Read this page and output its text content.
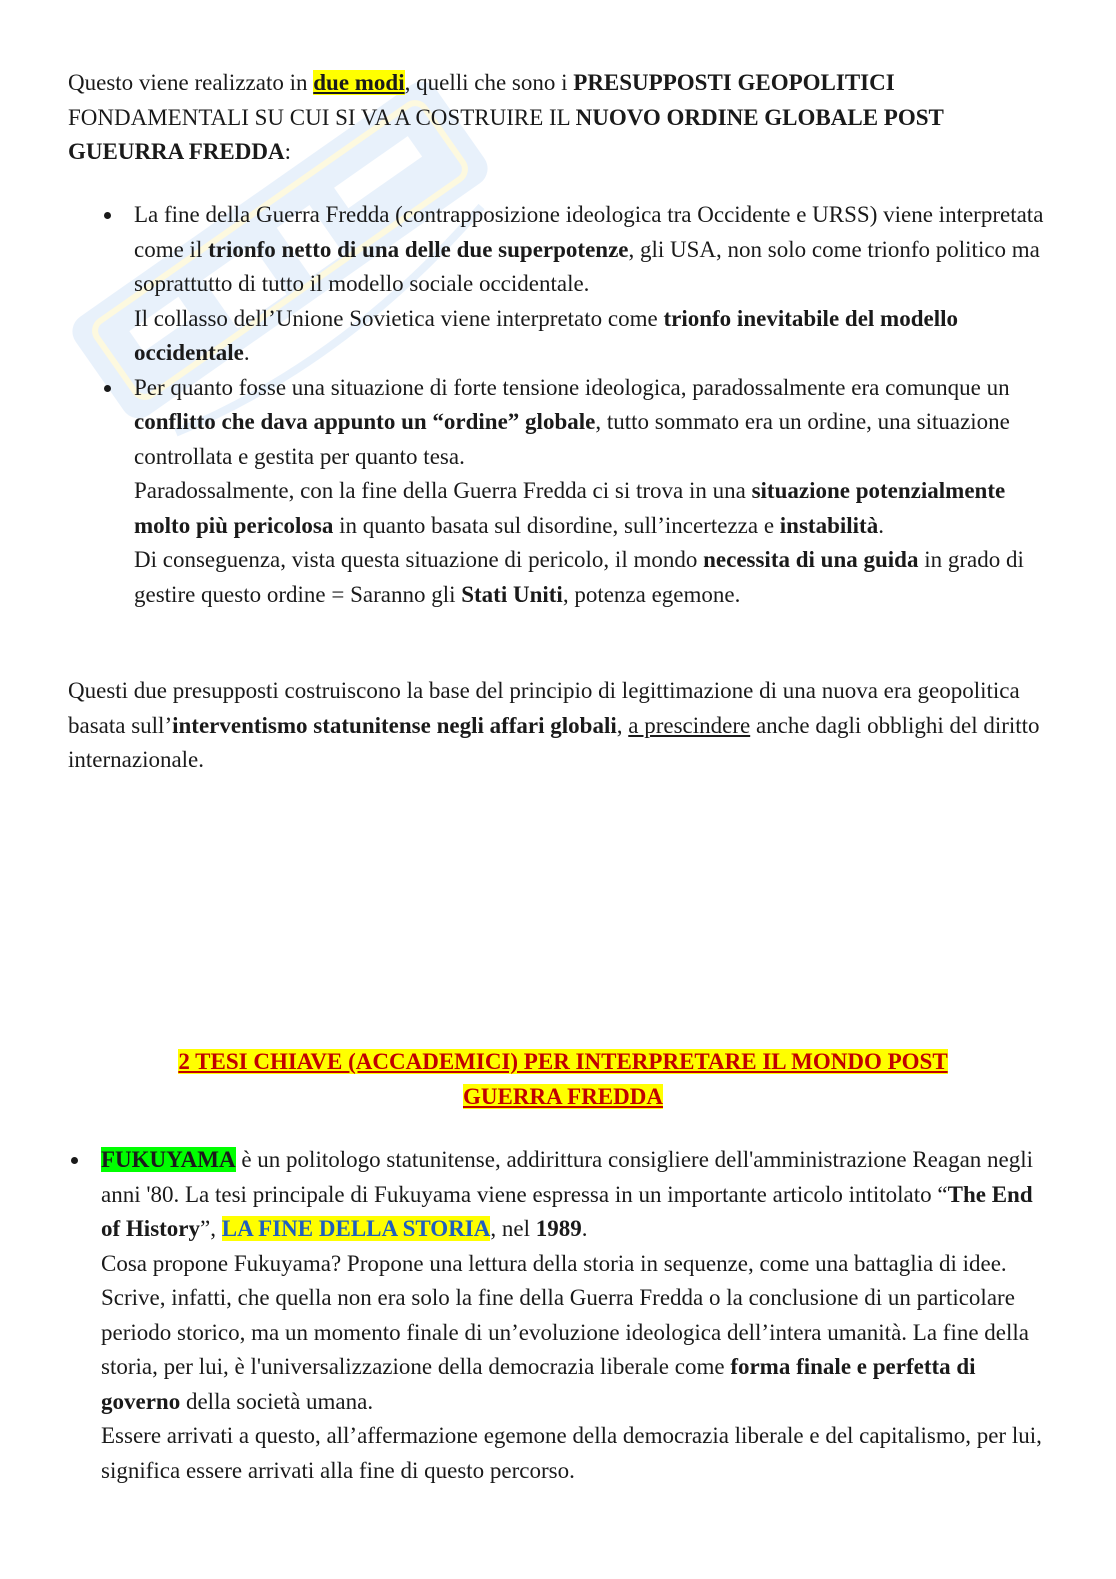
Questo viene realizzato in due modi, quelli che sono i PRESUPPOSTI GEOPOLITICI FONDAMENTALI SU CUI SI VA A COSTRUIRE IL NUOVO ORDINE GLOBALE POST GUEURRA FREDDA:

La fine della Guerra Fredda (contrapposizione ideologica tra Occidente e URSS) viene interpretata come il trionfo netto di una delle due superpotenze, gli USA, non solo come trionfo politico ma soprattutto di tutto il modello sociale occidentale.
Il collasso dell’Unione Sovietica viene interpretato come trionfo inevitabile del modello occidentale.
Per quanto fosse una situazione di forte tensione ideologica, paradossalmente era comunque un conflitto che dava appunto un “ordine” globale, tutto sommato era un ordine, una situazione controllata e gestita per quanto tesa.
Paradossalmente, con la fine della Guerra Fredda ci si trova in una situazione potenzialmente molto più pericolosa in quanto basata sul disordine, sull’incertezza e instabilità.
Di conseguenza, vista questa situazione di pericolo, il mondo necessita di una guida in grado di gestire questo ordine = Saranno gli Stati Uniti, potenza egemone.

Questi due presupposti costruiscono la base del principio di legittimazione di una nuova era geopolitica basata sull’interventismo statunitense negli affari globali, a prescindere anche dagli obblighi del diritto internazionale.

2 TESI CHIAVE (ACCADEMICI) PER INTERPRETARE IL MONDO POST
GUERRA FREDDA
FUKUYAMA è un politologo statunitense, addirittura consigliere dell'amministrazione Reagan negli anni '80. La tesi principale di Fukuyama viene espressa in un importante articolo intitolato “The End of History”, LA FINE DELLA STORIA, nel 1989.
Cosa propone Fukuyama? Propone una lettura della storia in sequenze, come una battaglia di idee. Scrive, infatti, che quella non era solo la fine della Guerra Fredda o la conclusione di un particolare periodo storico, ma un momento finale di un’evoluzione ideologica dell’intera umanità. La fine della storia, per lui, è l'universalizzazione della democrazia liberale come forma finale e perfetta di governo della società umana.
Essere arrivati a questo, all’affermazione egemone della democrazia liberale e del capitalismo, per lui, significa essere arrivati alla fine di questo percorso.
